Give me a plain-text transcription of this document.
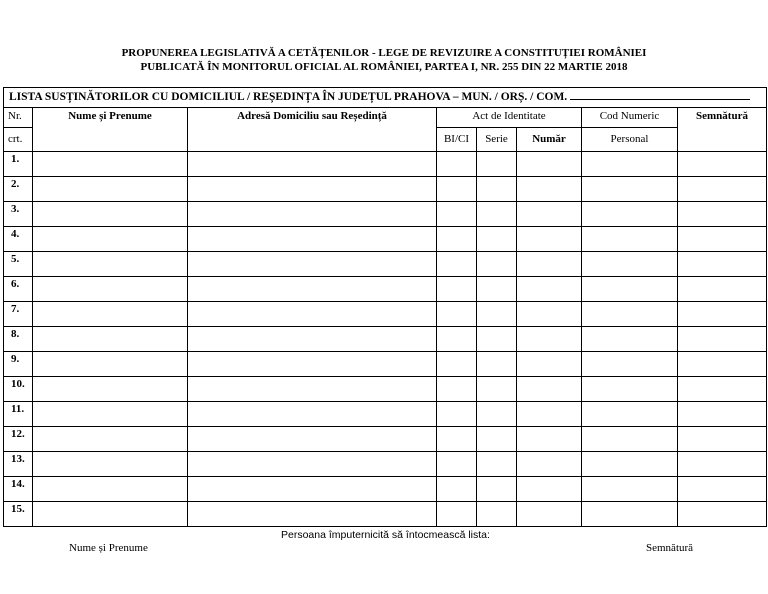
PROPUNEREA LEGISLATIVĂ A CETĂȚENILOR - LEGE DE REVIZUIRE A CONSTITUȚIEI ROMÂNIEI
PUBLICATĂ ÎN MONITORUL OFICIAL AL ROMÂNIEI, PARTEA I, NR. 255 DIN 22 MARTIE 2018
LISTA SUSȚINĂTORILOR CU DOMICILIUL / REȘEDINȚA ÎN JUDEȚUL PRAHOVA – MUN. / ORȘ. / COM.							
Nr.	Nume și Prenume	Adresă Domiciliu sau Reședință	Act de Identitate			Cod Numeric	Semnătură
crt.			BI/CI	Serie	Număr	Personal	
1.							
2.							
3.							
4.							
5.							
6.							
7.							
8.							
9.							
10.							
11.							
12.							
13.							
14.							
15.							
Persoana împuternicită să întocmească lista:
Nume și Prenume	Semnătură
